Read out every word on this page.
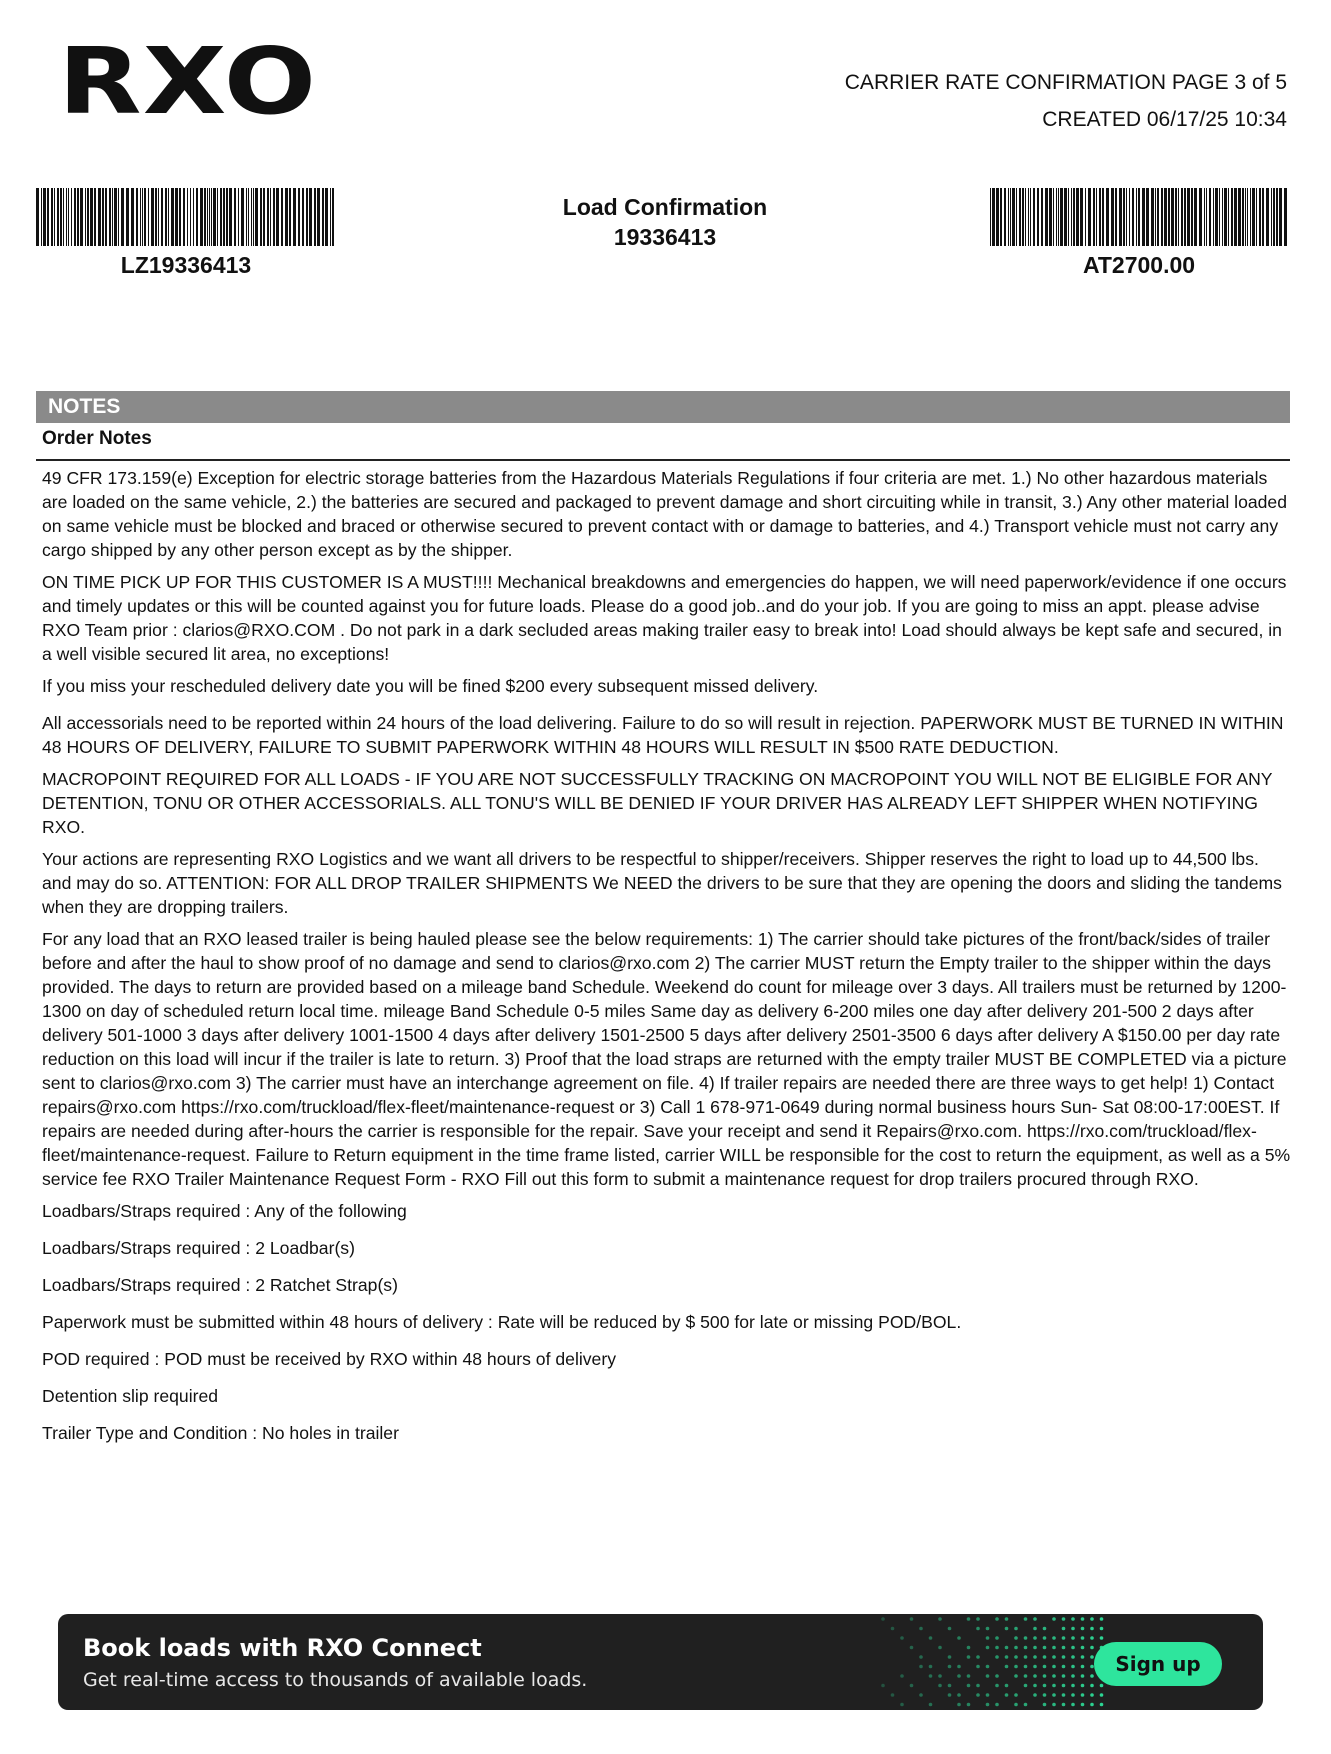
RXO	CARRIER RATE CONFIRMATION PAGE 3 of 5
CREATED 06/17/25 10:34
LZ19336413
Load Confirmation
19336413
AT2700.00
NOTES
Order Notes

49 CFR 173.159(e) Exception for electric storage batteries from the Hazardous Materials Regulations if four criteria are met. 1.) No other hazardous materials are loaded on the same vehicle, 2.) the batteries are secured and packaged to prevent damage and short circuiting while in transit, 3.) Any other material loaded on same vehicle must be blocked and braced or otherwise secured to prevent contact with or damage to batteries, and 4.) Transport vehicle must not carry any cargo shipped by any other person except as by the shipper.

ON TIME PICK UP FOR THIS CUSTOMER IS A MUST!!!! Mechanical breakdowns and emergencies do happen, we will need paperwork/evidence if one occurs and timely updates or this will be counted against you for future loads. Please do a good job..and do your job. If you are going to miss an appt. please advise RXO Team prior : clarios@RXO.COM . Do not park in a dark secluded areas making trailer easy to break into! Load should always be kept safe and secured, in a well visible secured lit area, no exceptions!

If you miss your rescheduled delivery date you will be fined $200 every subsequent missed delivery.

All accessorials need to be reported within 24 hours of the load delivering. Failure to do so will result in rejection. PAPERWORK MUST BE TURNED IN WITHIN 48 HOURS OF DELIVERY, FAILURE TO SUBMIT PAPERWORK WITHIN 48 HOURS WILL RESULT IN $500 RATE DEDUCTION.

MACROPOINT REQUIRED FOR ALL LOADS - IF YOU ARE NOT SUCCESSFULLY TRACKING ON MACROPOINT YOU WILL NOT BE ELIGIBLE FOR ANY DETENTION, TONU OR OTHER ACCESSORIALS. ALL TONU'S WILL BE DENIED IF YOUR DRIVER HAS ALREADY LEFT SHIPPER WHEN NOTIFYING RXO.

Your actions are representing RXO Logistics and we want all drivers to be respectful to shipper/receivers. Shipper reserves the right to load up to 44,500 lbs. and may do so. ATTENTION: FOR ALL DROP TRAILER SHIPMENTS We NEED the drivers to be sure that they are opening the doors and sliding the tandems when they are dropping trailers.

For any load that an RXO leased trailer is being hauled please see the below requirements: 1) The carrier should take pictures of the front/back/sides of trailer before and after the haul to show proof of no damage and send to clarios@rxo.com 2) The carrier MUST return the Empty trailer to the shipper within the days provided. The days to return are provided based on a mileage band Schedule. Weekend do count for mileage over 3 days. All trailers must be returned by 1200-1300 on day of scheduled return local time. mileage Band Schedule 0-5 miles Same day as delivery 6-200 miles one day after delivery 201-500 2 days after delivery 501-1000 3 days after delivery 1001-1500 4 days after delivery 1501-2500 5 days after delivery 2501-3500 6 days after delivery A $150.00 per day rate reduction on this load will incur if the trailer is late to return. 3) Proof that the load straps are returned with the empty trailer MUST BE COMPLETED via a picture sent to clarios@rxo.com 3) The carrier must have an interchange agreement on file. 4) If trailer repairs are needed there are three ways to get help! 1) Contact repairs@rxo.com https://rxo.com/truckload/flex-fleet/maintenance-request or 3) Call 1 678-971-0649 during normal business hours Sun- Sat 08:00-17:00EST. If repairs are needed during after-hours the carrier is responsible for the repair. Save your receipt and send it Repairs@rxo.com. https://rxo.com/truckload/flex-fleet/maintenance-request. Failure to Return equipment in the time frame listed, carrier WILL be responsible for the cost to return the equipment, as well as a 5% service fee RXO Trailer Maintenance Request Form - RXO Fill out this form to submit a maintenance request for drop trailers procured through RXO.

Loadbars/Straps required : Any of the following

Loadbars/Straps required : 2 Loadbar(s)

Loadbars/Straps required : 2 Ratchet Strap(s)

Paperwork must be submitted within 48 hours of delivery : Rate will be reduced by $ 500 for late or missing POD/BOL.

POD required : POD must be received by RXO within 48 hours of delivery

Detention slip required

Trailer Type and Condition : No holes in trailer

Book loads with RXO Connect
Get real-time access to thousands of available loads.
Sign up
